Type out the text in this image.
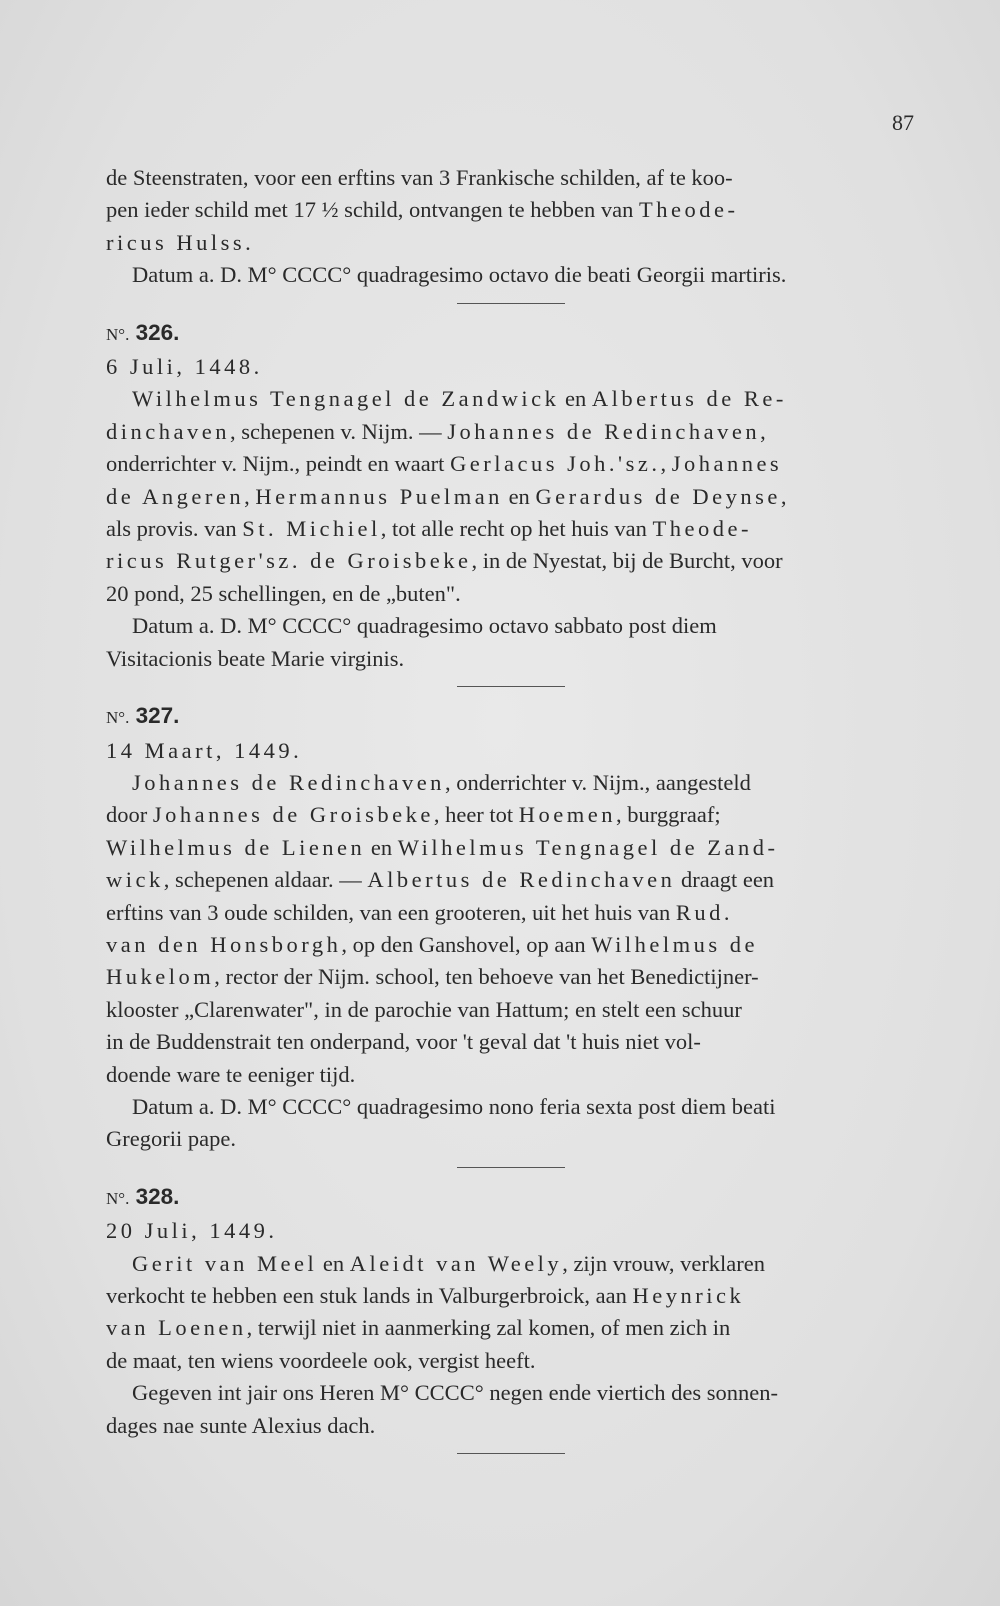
87

de Steenstraten, voor een erftins van 3 Frankische schilden, af te koo-

pen ieder schild met 17 ½ schild, ontvangen te hebben van Theode-

ricus Hulss.

Datum a. D. M° CCCC° quadragesimo octavo die beati Georgii martiris.

N°. 326.

6 Juli, 1448.

Wilhelmus Tengnagel de Zandwick en Albertus de Re-

dinchaven, schepenen v. Nijm. — Johannes de Redinchaven,

onderrichter v. Nijm., peindt en waart Gerlacus Joh.'sz., Johannes

de Angeren, Hermannus Puelman en Gerardus de Deynse,

als provis. van St. Michiel, tot alle recht op het huis van Theode-

ricus Rutger'sz. de Groisbeke, in de Nyestat, bij de Burcht, voor

20 pond, 25 schellingen, en de „buten".

Datum a. D. M° CCCC° quadragesimo octavo sabbato post diem

Visitacionis beate Marie virginis.

N°. 327.

14 Maart, 1449.

Johannes de Redinchaven, onderrichter v. Nijm., aangesteld

door Johannes de Groisbeke, heer tot Hoemen, burggraaf;

Wilhelmus de Lienen en Wilhelmus Tengnagel de Zand-

wick, schepenen aldaar. — Albertus de Redinchaven draagt een

erftins van 3 oude schilden, van een grooteren, uit het huis van Rud.

van den Honsborgh, op den Ganshovel, op aan Wilhelmus de

Hukelom, rector der Nijm. school, ten behoeve van het Benedictijner-

klooster „Clarenwater", in de parochie van Hattum; en stelt een schuur

in de Buddenstrait ten onderpand, voor 't geval dat 't huis niet vol-

doende ware te eeniger tijd.

Datum a. D. M° CCCC° quadragesimo nono feria sexta post diem beati

Gregorii pape.

N°. 328.

20 Juli, 1449.

Gerit van Meel en Aleidt van Weely, zijn vrouw, verklaren

verkocht te hebben een stuk lands in Valburgerbroick, aan Heynrick

van Loenen, terwijl niet in aanmerking zal komen, of men zich in

de maat, ten wiens voordeele ook, vergist heeft.

Gegeven int jair ons Heren M° CCCC° negen ende viertich des sonnen-

dages nae sunte Alexius dach.
